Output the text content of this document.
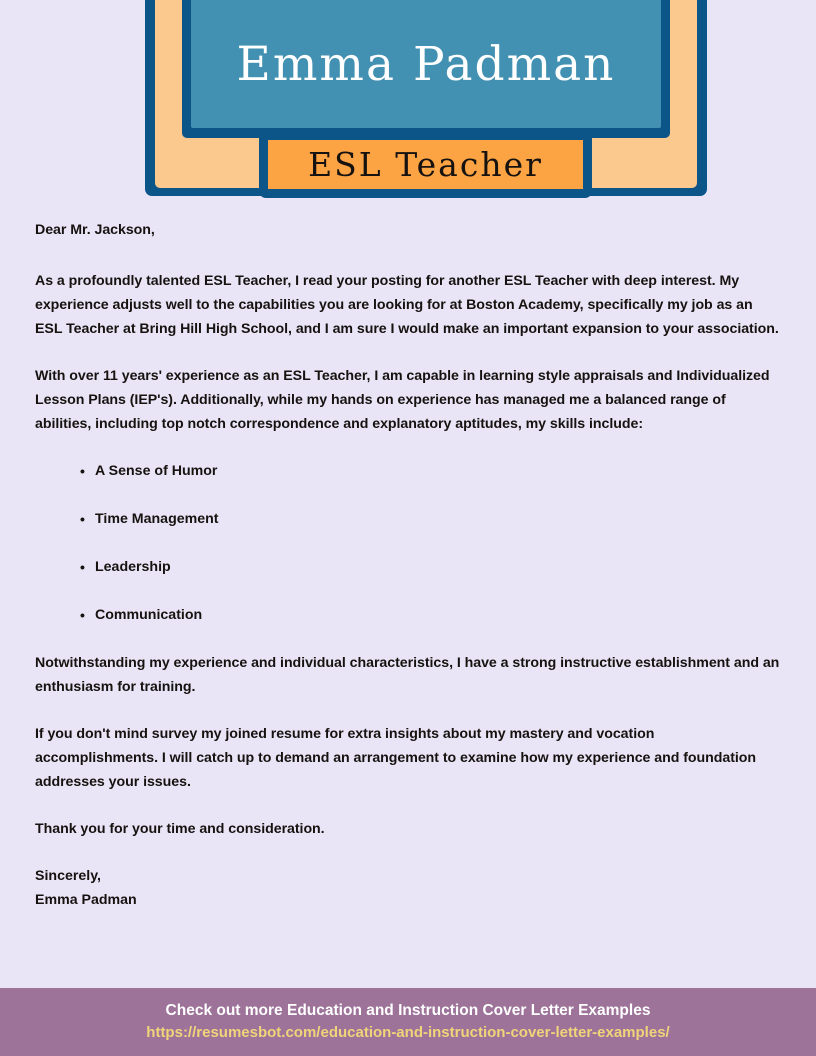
Emma Padman
ESL Teacher

Dear Mr. Jackson,

As a profoundly talented ESL Teacher, I read your posting for another ESL Teacher with deep interest. My experience adjusts well to the capabilities you are looking for at Boston Academy, specifically my job as an ESL Teacher at Bring Hill High School, and I am sure I would make an important expansion to your association.

With over 11 years' experience as an ESL Teacher, I am capable in learning style appraisals and Individualized Lesson Plans (IEP's). Additionally, while my hands on experience has managed me a balanced range of abilities, including top notch correspondence and explanatory aptitudes, my skills include:

• A Sense of Humor
• Time Management
• Leadership
• Communication

Notwithstanding my experience and individual characteristics, I have a strong instructive establishment and an enthusiasm for training.

If you don't mind survey my joined resume for extra insights about my mastery and vocation accomplishments. I will catch up to demand an arrangement to examine how my experience and foundation addresses your issues.

Thank you for your time and consideration.

Sincerely,
Emma Padman
Check out more Education and Instruction Cover Letter Examples
https://resumesbot.com/education-and-instruction-cover-letter-examples/
